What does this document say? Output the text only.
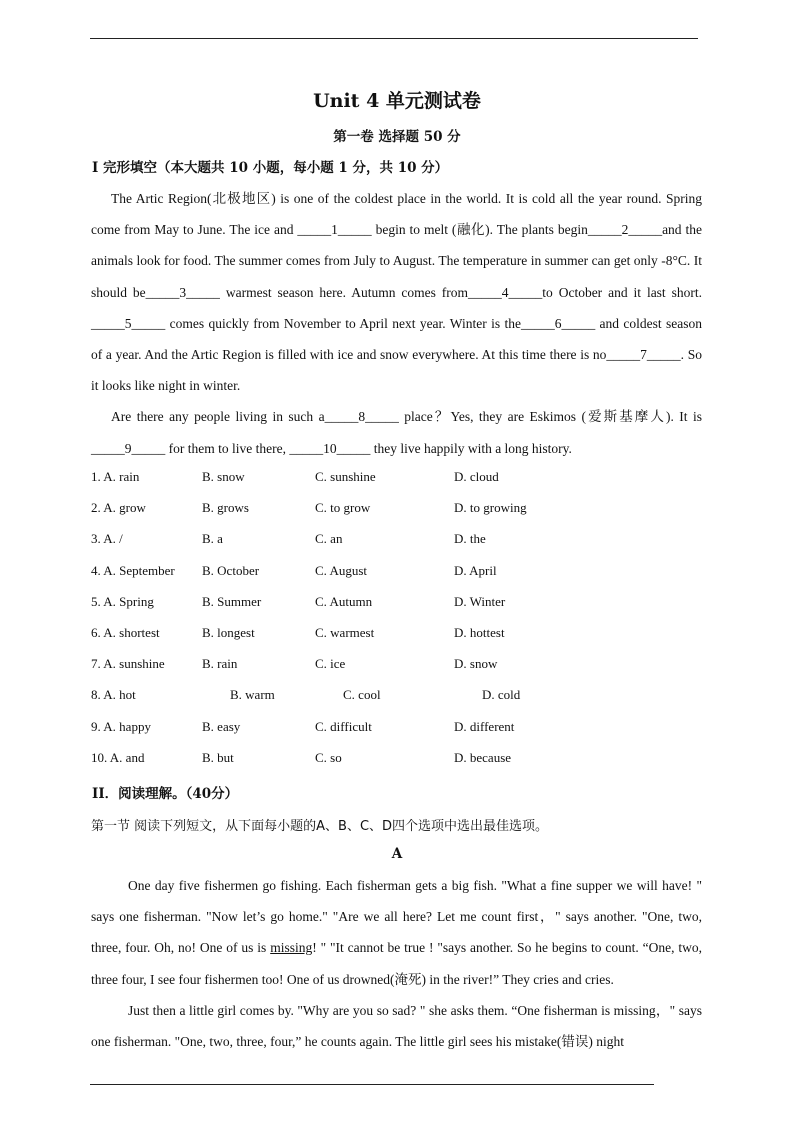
Unit 4 单元测试卷
第一卷 选择题 50 分
Ⅰ 完形填空（本大题共 10 小题，每小题 1 分，共 10 分）

The Artic Region(北极地区) is one of the coldest place in the world. It is cold all the year round. Spring come from May to June. The ice and _____1_____ begin to melt (融化). The plants begin_____2_____and the animals look for food. The summer comes from July to August. The temperature in summer can get only -8°C. It should be_____3_____ warmest season here. Autumn comes from_____4_____to October and it last short. _____5_____ comes quickly from November to April next year. Winter is the_____6_____ and coldest season of a year. And the Artic Region is filled with ice and snow everywhere. At this time there is no_____7_____. So it looks like night in winter.

Are there any people living in such a_____8_____ place？Yes, they are Eskimos (爱斯基摩人). It is _____9_____ for them to live there, _____10_____ they live happily with a long history.

1. A. rain	B. snow	C. sunshine	D. cloud
2. A. grow	B. grows	C. to grow	D. to growing
3. A. /	B. a	C. an	D. the
4. A. September B. October	C. August	D. April
5. A. Spring	B. Summer	C. Autumn	D. Winter
6. A. shortest	B. longest	C. warmest	D. hottest
7. A. sunshine	B. rain	C. ice	D. snow
8. A. hot	B. warm	C. cool	D. cold
9. A. happy	B. easy	C. difficult	D. different
10. A. and	B. but	C. so	D. because
II．阅读理解。（40分）
第一节 阅读下列短文，从下面每小题的A、B、C、D四个选项中选出最佳选项。
A

One day five fishermen go fishing. Each fisherman gets a big fish. "What a fine supper we will have! " says one fisherman. "Now let’s go home." "Are we all here? Let me count first，" says another. "One, two, three, four. Oh, no! One of us is missing! " "It cannot be true ! "says another. So he begins to count. “One, two, three four, I see four fishermen too! One of us drowned(淹死) in the river!” They cries and cries.

Just then a little girl comes by. "Why are you so sad? " she asks them. “One fisherman is missing，" says one fisherman. "One, two, three, four,” he counts again. The little girl sees his mistake(错误) night
